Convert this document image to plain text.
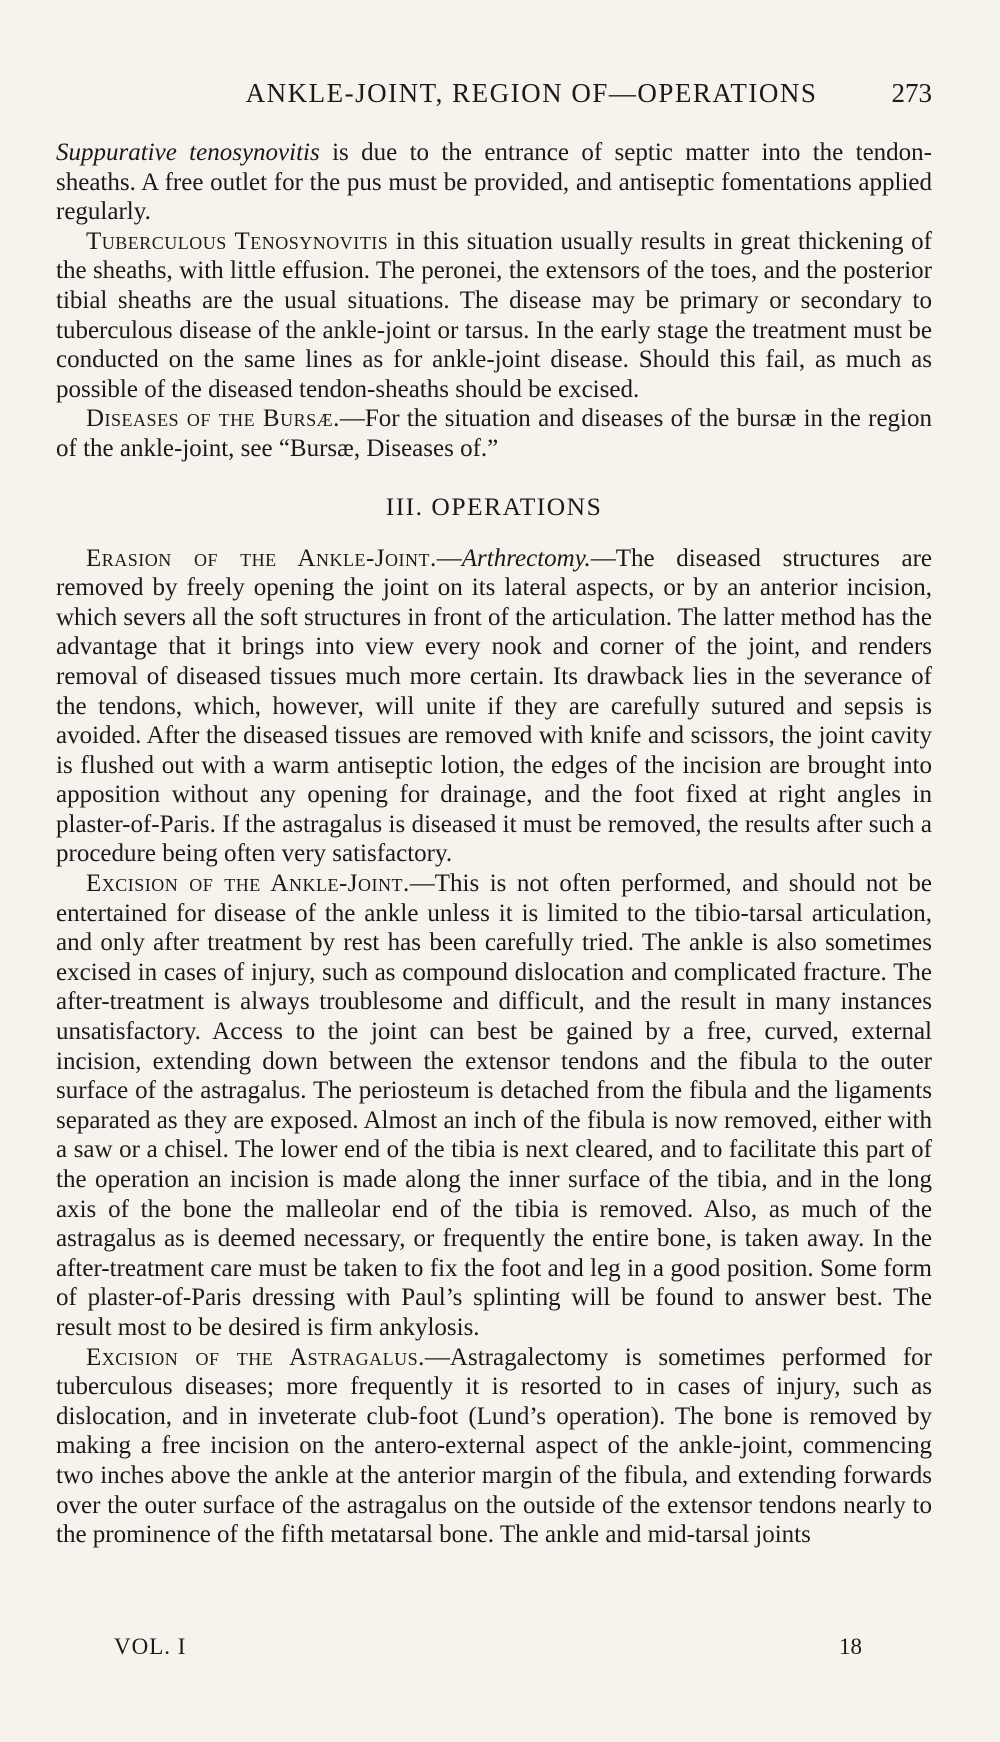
ANKLE-JOINT, REGION OF—OPERATIONS	273

Suppurative tenosynovitis is due to the entrance of septic matter into the tendon-sheaths. A free outlet for the pus must be provided, and antiseptic fomentations applied regularly.

Tuberculous Tenosynovitis in this situation usually results in great thickening of the sheaths, with little effusion. The peronei, the extensors of the toes, and the posterior tibial sheaths are the usual situations. The disease may be primary or secondary to tuberculous disease of the ankle-joint or tarsus. In the early stage the treatment must be conducted on the same lines as for ankle-joint disease. Should this fail, as much as possible of the diseased tendon-sheaths should be excised.

Diseases of the Bursæ.—For the situation and diseases of the bursæ in the region of the ankle-joint, see “Bursæ, Diseases of.”

III. OPERATIONS

Erasion of the Ankle-Joint.—Arthrectomy.—The diseased structures are removed by freely opening the joint on its lateral aspects, or by an anterior incision, which severs all the soft structures in front of the articulation. The latter method has the advantage that it brings into view every nook and corner of the joint, and renders removal of diseased tissues much more certain. Its drawback lies in the severance of the tendons, which, however, will unite if they are carefully sutured and sepsis is avoided. After the diseased tissues are removed with knife and scissors, the joint cavity is flushed out with a warm antiseptic lotion, the edges of the incision are brought into apposition without any opening for drainage, and the foot fixed at right angles in plaster-of-Paris. If the astragalus is diseased it must be removed, the results after such a procedure being often very satisfactory.

Excision of the Ankle-Joint.—This is not often performed, and should not be entertained for disease of the ankle unless it is limited to the tibio-tarsal articulation, and only after treatment by rest has been carefully tried. The ankle is also sometimes excised in cases of injury, such as compound dislocation and complicated fracture. The after-treatment is always troublesome and difficult, and the result in many instances unsatisfactory. Access to the joint can best be gained by a free, curved, external incision, extending down between the extensor tendons and the fibula to the outer surface of the astragalus. The periosteum is detached from the fibula and the ligaments separated as they are exposed. Almost an inch of the fibula is now removed, either with a saw or a chisel. The lower end of the tibia is next cleared, and to facilitate this part of the operation an incision is made along the inner surface of the tibia, and in the long axis of the bone the malleolar end of the tibia is removed. Also, as much of the astragalus as is deemed necessary, or frequently the entire bone, is taken away. In the after-treatment care must be taken to fix the foot and leg in a good position. Some form of plaster-of-Paris dressing with Paul’s splinting will be found to answer best. The result most to be desired is firm ankylosis.

Excision of the Astragalus.—Astragalectomy is sometimes performed for tuberculous diseases; more frequently it is resorted to in cases of injury, such as dislocation, and in inveterate club-foot (Lund’s operation). The bone is removed by making a free incision on the antero-external aspect of the ankle-joint, commencing two inches above the ankle at the anterior margin of the fibula, and extending forwards over the outer surface of the astragalus on the outside of the extensor tendons nearly to the prominence of the fifth metatarsal bone. The ankle and mid-tarsal joints

VOL. I	18
